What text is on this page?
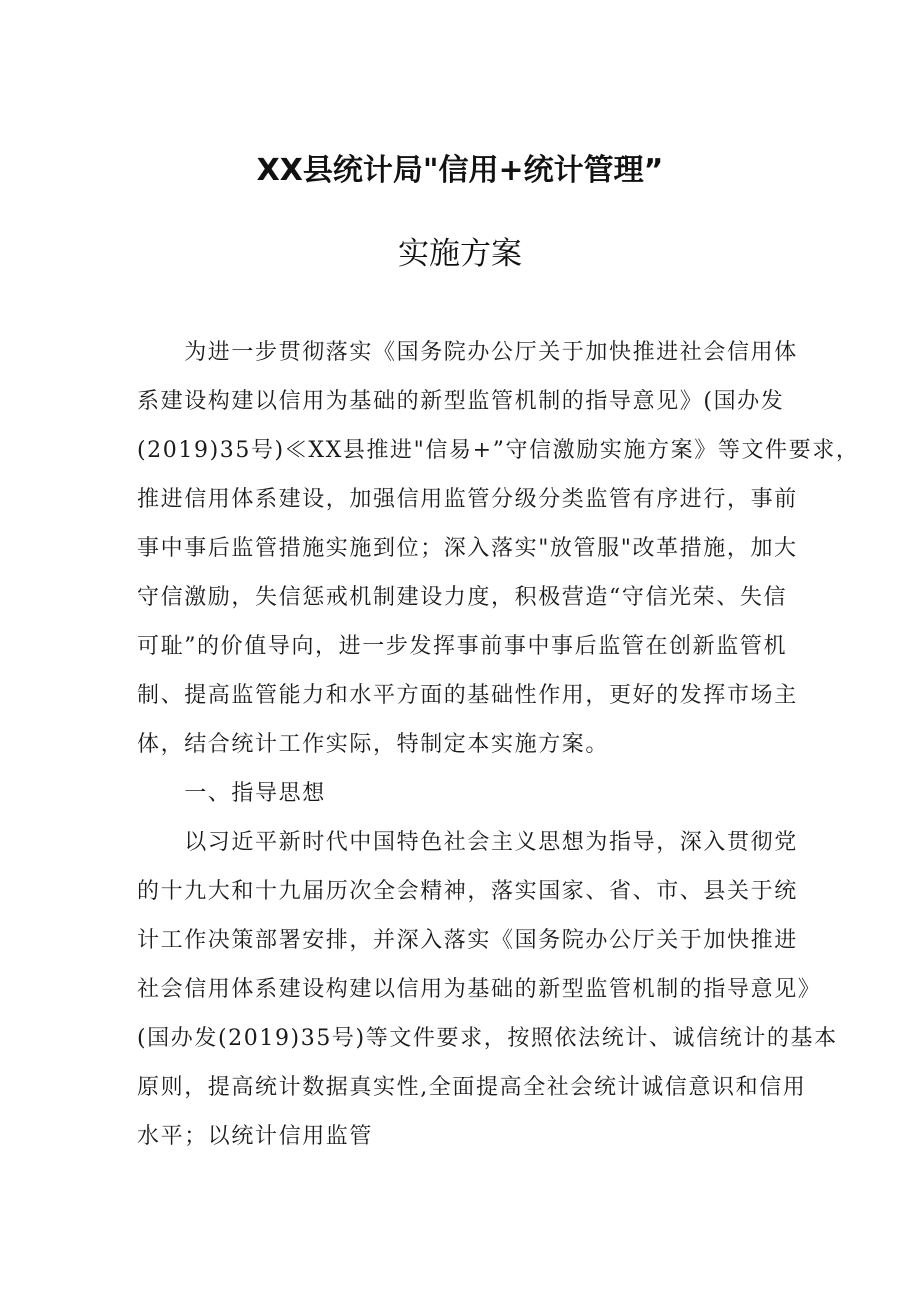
XX县统计局"信用+统计管理”
实施方案
　　为进一步贯彻落实《国务院办公厅关于加快推进社会信用体
系建设构建以信用为基础的新型监管机制的指导意见》(国办发
(2019)35号)≪XX县推进"信易+”守信激励实施方案》等文件要求，
推进信用体系建设，加强信用监管分级分类监管有序进行，事前
事中事后监管措施实施到位；深入落实"放管服"改革措施，加大
守信激励，失信惩戒机制建设力度，积极营造“守信光荣、失信
可耻”的价值导向，进一步发挥事前事中事后监管在创新监管机
制、提高监管能力和水平方面的基础性作用，更好的发挥市场主
体，结合统计工作实际，特制定本实施方案。
　　一、指导思想
　　以习近平新时代中国特色社会主义思想为指导，深入贯彻党
的十九大和十九届历次全会精神，落实国家、省、市、县关于统
计工作决策部署安排，并深入落实《国务院办公厅关于加快推进
社会信用体系建设构建以信用为基础的新型监管机制的指导意见》
(国办发(2019)35号)等文件要求，按照依法统计、诚信统计的基本
原则，提高统计数据真实性,全面提高全社会统计诚信意识和信用
水平；以统计信用监管
